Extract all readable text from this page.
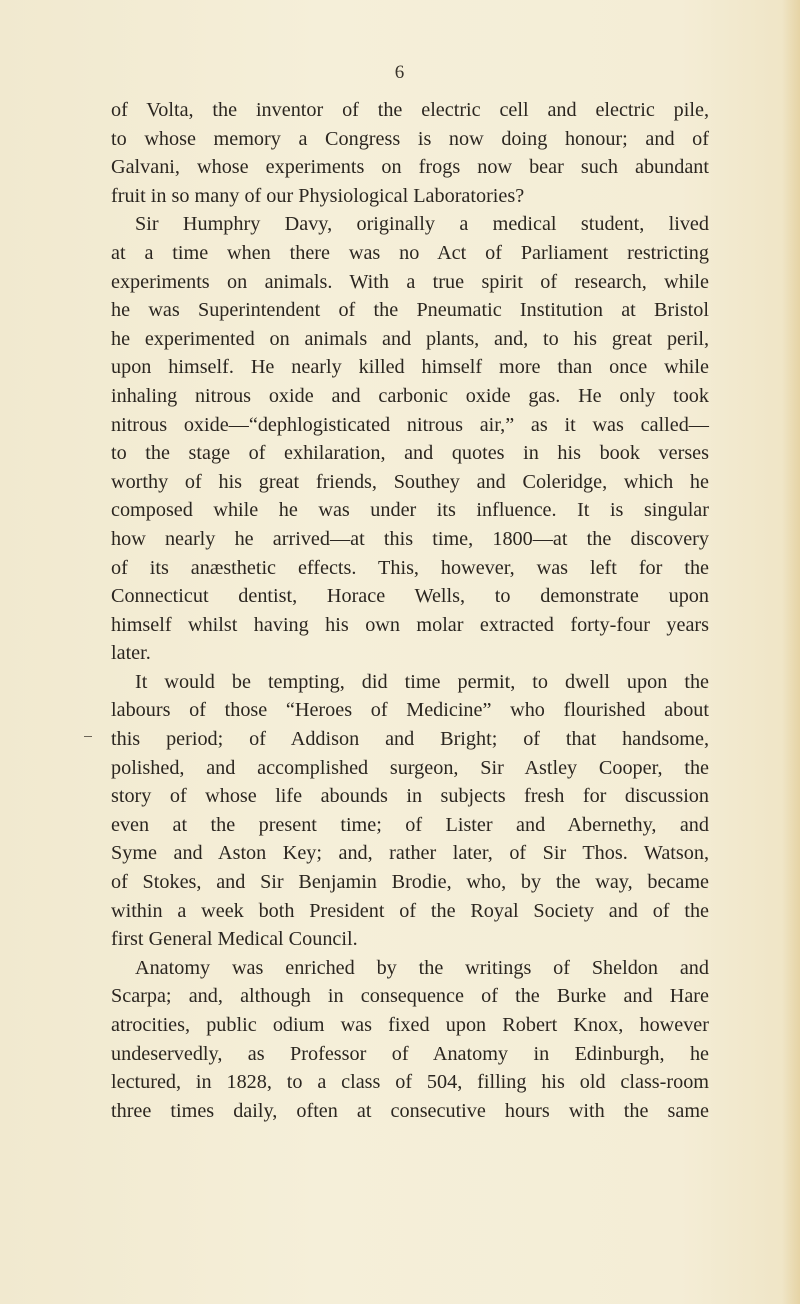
6
of Volta, the inventor of the electric cell and electric pile,
to whose memory a Congress is now doing honour; and of
Galvani, whose experiments on frogs now bear such abundant
fruit in so many of our Physiological Laboratories?
Sir Humphry Davy, originally a medical student, lived
at a time when there was no Act of Parliament restricting
experiments on animals. With a true spirit of research, while
he was Superintendent of the Pneumatic Institution at Bristol
he experimented on animals and plants, and, to his great peril,
upon himself. He nearly killed himself more than once while
inhaling nitrous oxide and carbonic oxide gas. He only took
nitrous oxide—“dephlogisticated nitrous air,” as it was called—
to the stage of exhilaration, and quotes in his book verses
worthy of his great friends, Southey and Coleridge, which he
composed while he was under its influence. It is singular
how nearly he arrived—at this time, 1800—at the discovery
of its anæsthetic effects. This, however, was left for the
Connecticut dentist, Horace Wells, to demonstrate upon
himself whilst having his own molar extracted forty-four years
later.
It would be tempting, did time permit, to dwell upon the
labours of those “Heroes of Medicine” who flourished about
this period; of Addison and Bright; of that handsome,
polished, and accomplished surgeon, Sir Astley Cooper, the
story of whose life abounds in subjects fresh for discussion
even at the present time; of Lister and Abernethy, and
Syme and Aston Key; and, rather later, of Sir Thos. Watson,
of Stokes, and Sir Benjamin Brodie, who, by the way, became
within a week both President of the Royal Society and of the
first General Medical Council.
Anatomy was enriched by the writings of Sheldon and
Scarpa; and, although in consequence of the Burke and Hare
atrocities, public odium was fixed upon Robert Knox, however
undeservedly, as Professor of Anatomy in Edinburgh, he
lectured, in 1828, to a class of 504, filling his old class-room
three times daily, often at consecutive hours with the same
